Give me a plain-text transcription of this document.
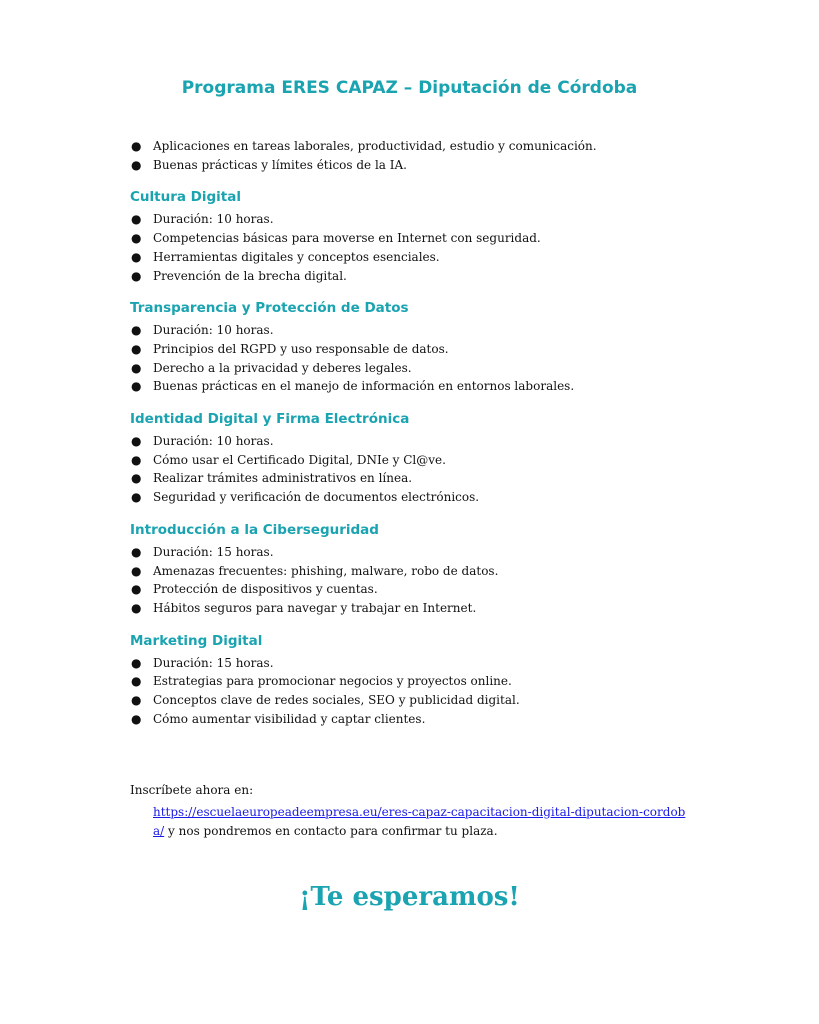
Programa ERES CAPAZ – Diputación de Córdoba
● Aplicaciones en tareas laborales, productividad, estudio y comunicación.
● Buenas prácticas y límites éticos de la IA.
Cultura Digital
● Duración: 10 horas.
● Competencias básicas para moverse en Internet con seguridad.
● Herramientas digitales y conceptos esenciales.
● Prevención de la brecha digital.
Transparencia y Protección de Datos
● Duración: 10 horas.
● Principios del RGPD y uso responsable de datos.
● Derecho a la privacidad y deberes legales.
● Buenas prácticas en el manejo de información en entornos laborales.
Identidad Digital y Firma Electrónica
● Duración: 10 horas.
● Cómo usar el Certificado Digital, DNIe y Cl@ve.
● Realizar trámites administrativos en línea.
● Seguridad y verificación de documentos electrónicos.
Introducción a la Ciberseguridad
● Duración: 15 horas.
● Amenazas frecuentes: phishing, malware, robo de datos.
● Protección de dispositivos y cuentas.
● Hábitos seguros para navegar y trabajar en Internet.
Marketing Digital
● Duración: 15 horas.
● Estrategias para promocionar negocios y proyectos online.
● Conceptos clave de redes sociales, SEO y publicidad digital.
● Cómo aumentar visibilidad y captar clientes.

Inscríbete ahora en:

https://escuelaeuropeadeempresa.eu/eres-capaz-capacitacion-digital-diputacion-cordoba/ y nos pondremos en contacto para confirmar tu plaza.
¡Te esperamos!
